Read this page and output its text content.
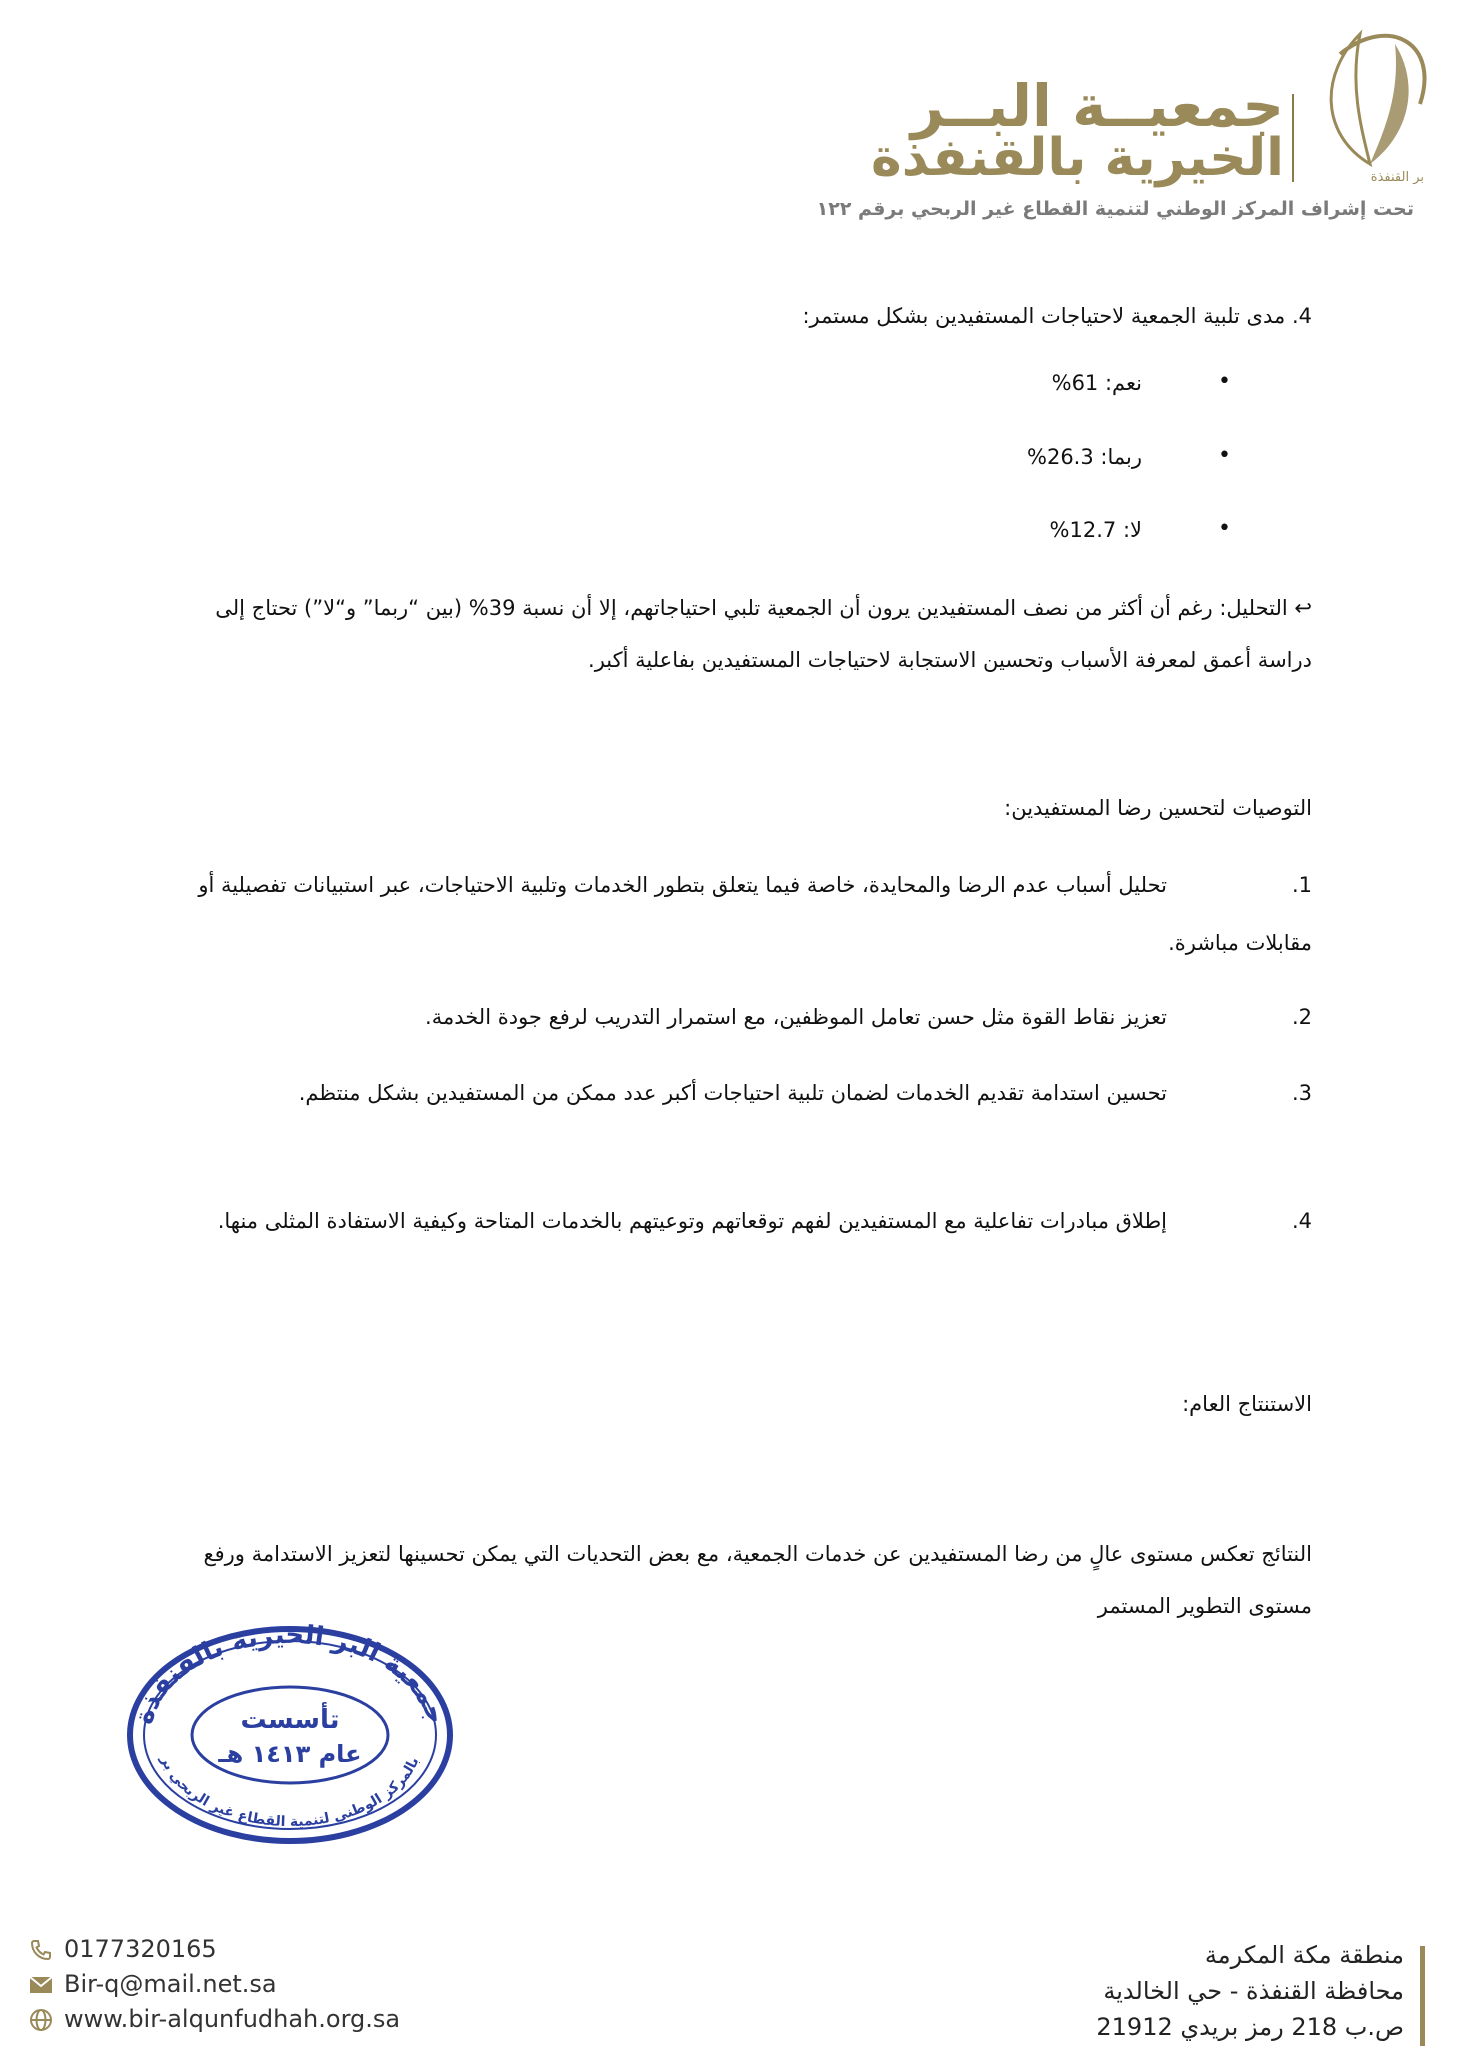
جمعيــة البــر
الخيرية بالقنفذة	بر القنفذة
تحت إشراف المركز الوطني لتنمية القطاع غير الربحي برقم ١٢٢
4. مدى تلبية الجمعية لاحتياجات المستفيدين بشكل مستمر:
نعم: 61%	•
ربما: 26.3%	•
لا: 12.7%	•
↩ التحليل: رغم أن أكثر من نصف المستفيدين يرون أن الجمعية تلبي احتياجاتهم، إلا أن نسبة 39% (بين “ربما” و“لا”) تحتاج إلى دراسة أعمق لمعرفة الأسباب وتحسين الاستجابة لاحتياجات المستفيدين بفاعلية أكبر.
التوصيات لتحسين رضا المستفيدين:
1.
تحليل أسباب عدم الرضا والمحايدة، خاصة فيما يتعلق بتطور الخدمات وتلبية الاحتياجات، عبر استبيانات تفصيلية أو مقابلات مباشرة.
2.
تعزيز نقاط القوة مثل حسن تعامل الموظفين، مع استمرار التدريب لرفع جودة الخدمة.
3.
تحسين استدامة تقديم الخدمات لضمان تلبية احتياجات أكبر عدد ممكن من المستفيدين بشكل منتظم.
4.
إطلاق مبادرات تفاعلية مع المستفيدين لفهم توقعاتهم وتوعيتهم بالخدمات المتاحة وكيفية الاستفادة المثلى منها.
الاستنتاج العام:
النتائج تعكس مستوى عالٍ من رضا المستفيدين عن خدمات الجمعية، مع بعض التحديات التي يمكن تحسينها لتعزيز الاستدامة ورفع مستوى التطوير المستمر
جمعية البر الخيرية بالقنفذة
بالمركز الوطني لتنمية القطاع غير الربحي بر
تأسست
عام ١٤١٣ هـ
منطقة مكة المكرمة
محافظة القنفذة - حي الخالدية
ص.ب 218 رمز بريدي 21912
0177320165
Bir-q@mail.net.sa
www.bir-alqunfudhah.org.sa
